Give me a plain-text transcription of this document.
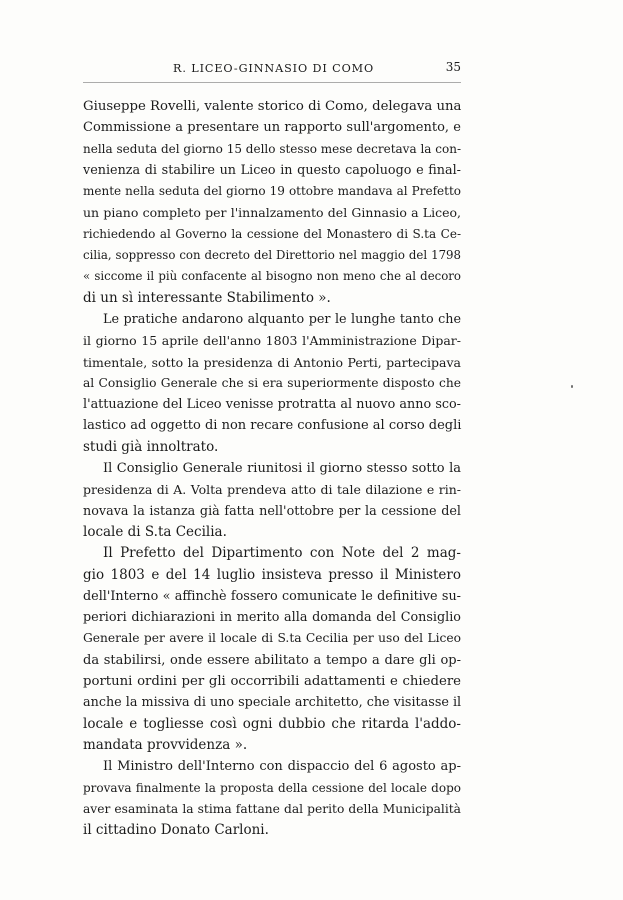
R. LICEO-GINNASIO DI COMO	35
Giuseppe Rovelli, valente storico di Como, delegava una
Commissione a presentare un rapporto sull'argomento, e
nella seduta del giorno 15 dello stesso mese decretava la con-
venienza di stabilire un Liceo in questo capoluogo e final-
mente nella seduta del giorno 19 ottobre mandava al Prefetto
un piano completo per l'innalzamento del Ginnasio a Liceo,
richiedendo al Governo la cessione del Monastero di S.ta Ce-
cilia, soppresso con decreto del Direttorio nel maggio del 1798
« siccome il più confacente al bisogno non meno che al decoro
di un sì interessante Stabilimento ».
Le pratiche andarono alquanto per le lunghe tanto che
il giorno 15 aprile dell'anno 1803 l'Amministrazione Dipar-
timentale, sotto la presidenza di Antonio Perti, partecipava
al Consiglio Generale che si era superiormente disposto che
l'attuazione del Liceo venisse protratta al nuovo anno sco-
lastico ad oggetto di non recare confusione al corso degli
studi già innoltrato.
Il Consiglio Generale riunitosi il giorno stesso sotto la
presidenza di A. Volta prendeva atto di tale dilazione e rin-
novava la istanza già fatta nell'ottobre per la cessione del
locale di S.ta Cecilia.
Il Prefetto del Dipartimento con Note del 2 mag-
gio 1803 e del 14 luglio insisteva presso il Ministero
dell'Interno « affinchè fossero comunicate le definitive su-
periori dichiarazioni in merito alla domanda del Consiglio
Generale per avere il locale di S.ta Cecilia per uso del Liceo
da stabilirsi, onde essere abilitato a tempo a dare gli op-
portuni ordini per gli occorribili adattamenti e chiedere
anche la missiva di uno speciale architetto, che visitasse il
locale e togliesse così ogni dubbio che ritarda l'addo-
mandata provvidenza ».
Il Ministro dell'Interno con dispaccio del 6 agosto ap-
provava finalmente la proposta della cessione del locale dopo
aver esaminata la stima fattane dal perito della Municipalità
il cittadino Donato Carloni.
